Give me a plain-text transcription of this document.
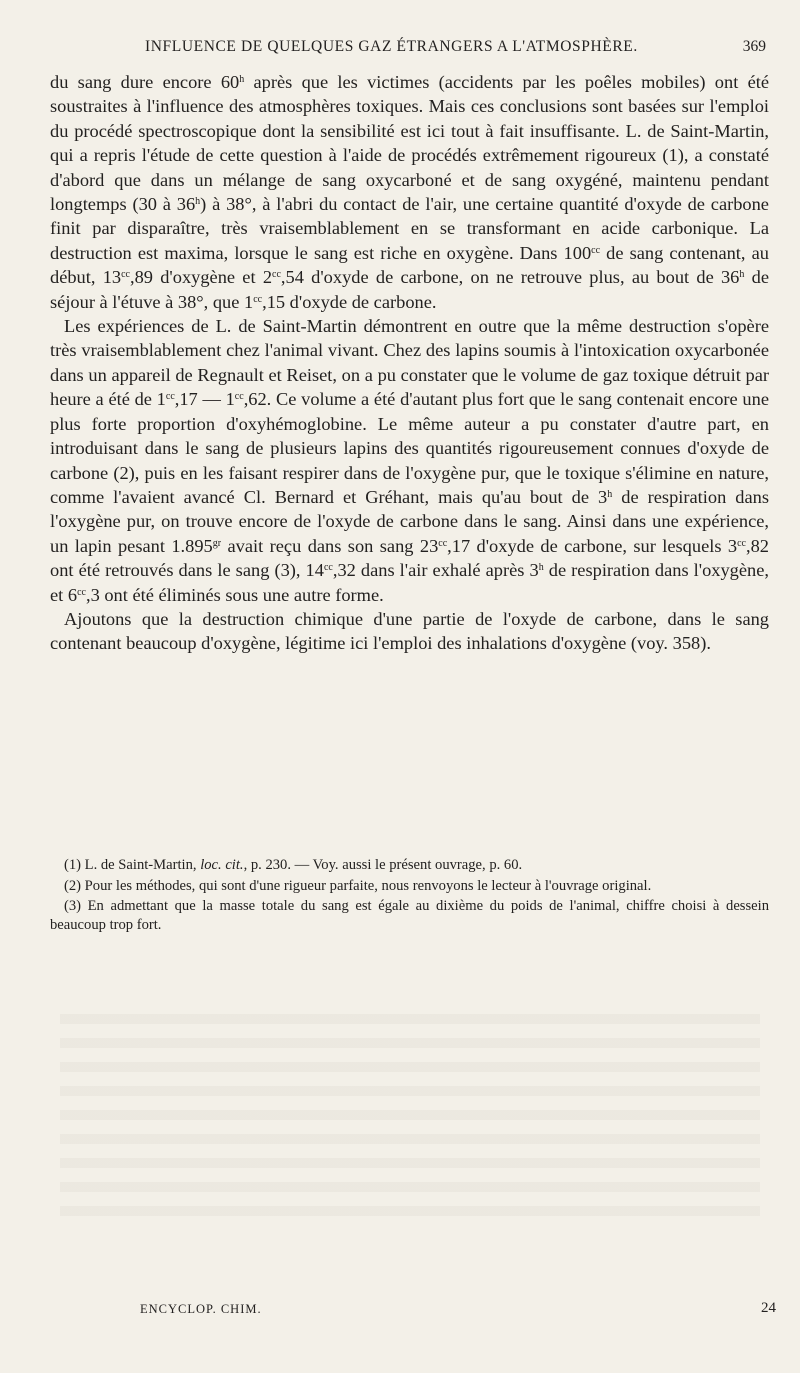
INFLUENCE DE QUELQUES GAZ ÉTRANGERS A L'ATMOSPHÈRE.	369

du sang dure encore 60$^h$ après que les victimes (accidents par les poêles mobiles) ont été soustraites à l'influence des atmosphères toxiques. Mais ces conclusions sont basées sur l'emploi du procédé spectroscopique dont la sensibilité est ici tout à fait insuffisante. L. de Saint-Martin, qui a repris l'étude de cette question à l'aide de procédés extrêmement rigoureux (1), a constaté d'abord que dans un mélange de sang oxycarboné et de sang oxygéné, maintenu pendant longtemps (30 à 36$^h$) à 38°, à l'abri du contact de l'air, une certaine quantité d'oxyde de carbone finit par disparaître, très vraisemblablement en se transformant en acide carbonique. La destruction est maxima, lorsque le sang est riche en oxygène. Dans $100^{cc}$ de sang contenant, au début, $13^{cc},89$ d'oxygène et $2^{cc},54$ d'oxyde de carbone, on ne retrouve plus, au bout de 36$^h$ de séjour à l'étuve à 38°, que $1^{cc},15$ d'oxyde de carbone.

Les expériences de L. de Saint-Martin démontrent en outre que la même destruction s'opère très vraisemblablement chez l'animal vivant. Chez des lapins soumis à l'intoxication oxycarbonée dans un appareil de Regnault et Reiset, on a pu constater que le volume de gaz toxique détruit par heure a été de $1^{cc},17$ — $1^{cc},62$. Ce volume a été d'autant plus fort que le sang contenait encore une plus forte proportion d'oxyhémoglobine. Le même auteur a pu constater d'autre part, en introduisant dans le sang de plusieurs lapins des quantités rigoureusement connues d'oxyde de carbone (2), puis en les faisant respirer dans de l'oxygène pur, que le toxique s'élimine en nature, comme l'avaient avancé Cl. Bernard et Gréhant, mais qu'au bout de 3$^h$ de respiration dans l'oxygène pur, on trouve encore de l'oxyde de carbone dans le sang. Ainsi dans une expérience, un lapin pesant $1.895^{gr}$ avait reçu dans son sang $23^{cc},17$ d'oxyde de carbone, sur lesquels $3^{cc},82$ ont été retrouvés dans le sang (3), $14^{cc},32$ dans l'air exhalé après 3$^h$ de respiration dans l'oxygène, et $6^{cc},3$ ont été éliminés sous une autre forme.

Ajoutons que la destruction chimique d'une partie de l'oxyde de carbone, dans le sang contenant beaucoup d'oxygène, légitime ici l'emploi des inhalations d'oxygène (voy. 358).

(1) L. de Saint-Martin, loc. cit., p. 230. — Voy. aussi le présent ouvrage, p. 60.

(2) Pour les méthodes, qui sont d'une rigueur parfaite, nous renvoyons le lecteur à l'ouvrage original.

(3) En admettant que la masse totale du sang est égale au dixième du poids de l'animal, chiffre choisi à dessein beaucoup trop fort.

ENCYCLOP. CHIM.	24
